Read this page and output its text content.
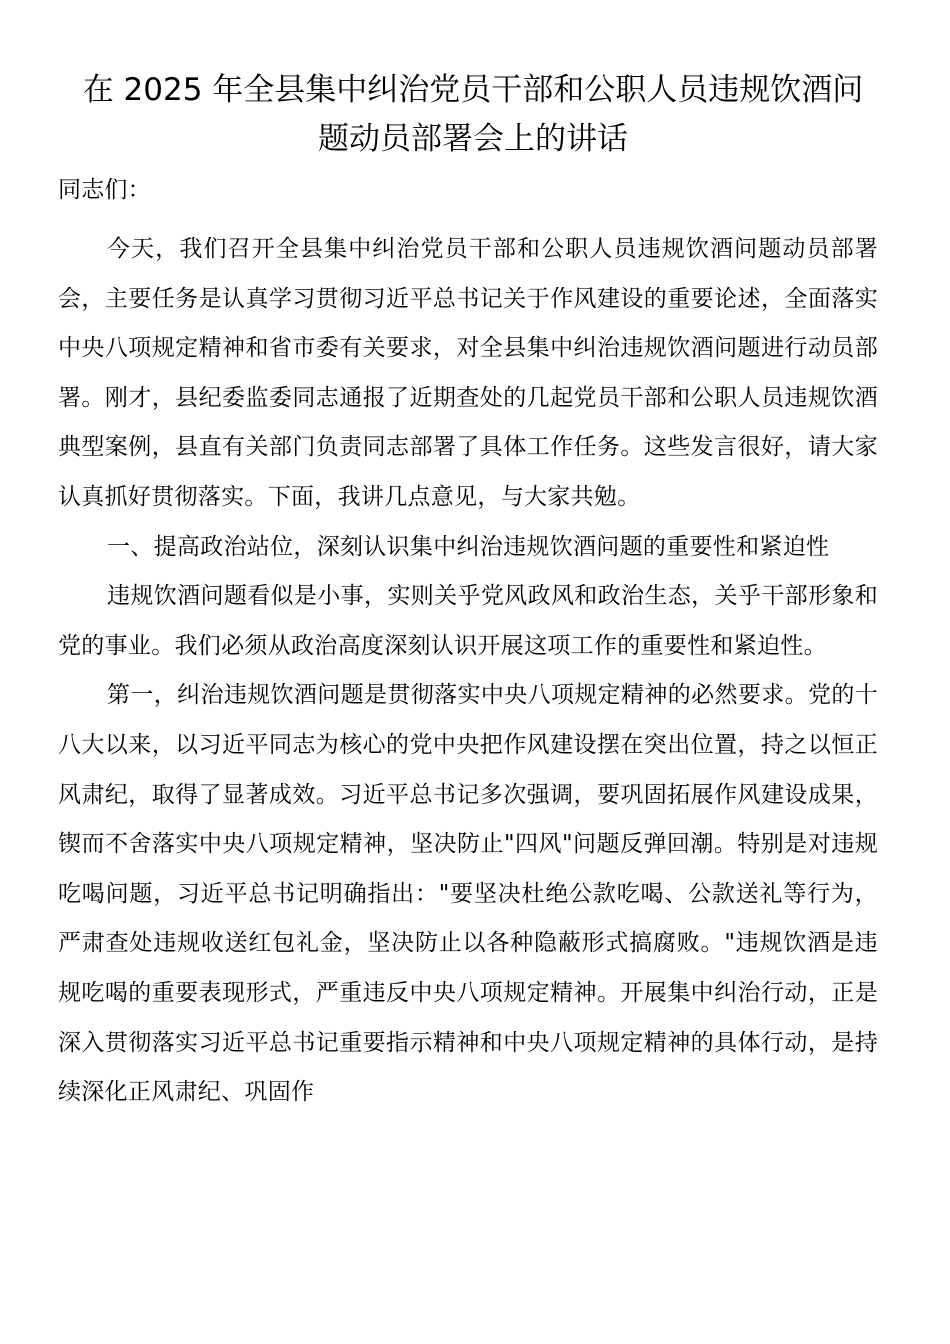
在 2025 年全县集中纠治党员干部和公职人员违规饮酒问题动员部署会上的讲话

同志们：

今天，我们召开全县集中纠治党员干部和公职人员违规饮酒问题动员部署会，主要任务是认真学习贯彻习近平总书记关于作风建设的重要论述，全面落实中央八项规定精神和省市委有关要求，对全县集中纠治违规饮酒问题进行动员部署。刚才，县纪委监委同志通报了近期查处的几起党员干部和公职人员违规饮酒典型案例，县直有关部门负责同志部署了具体工作任务。这些发言很好，请大家认真抓好贯彻落实。下面，我讲几点意见，与大家共勉。

一、提高政治站位，深刻认识集中纠治违规饮酒问题的重要性和紧迫性

违规饮酒问题看似是小事，实则关乎党风政风和政治生态，关乎干部形象和党的事业。我们必须从政治高度深刻认识开展这项工作的重要性和紧迫性。

第一，纠治违规饮酒问题是贯彻落实中央八项规定精神的必然要求。党的十八大以来，以习近平同志为核心的党中央把作风建设摆在突出位置，持之以恒正风肃纪，取得了显著成效。习近平总书记多次强调，要巩固拓展作风建设成果，锲而不舍落实中央八项规定精神，坚决防止"四风"问题反弹回潮。特别是对违规吃喝问题，习近平总书记明确指出："要坚决杜绝公款吃喝、公款送礼等行为，严肃查处违规收送红包礼金，坚决防止以各种隐蔽形式搞腐败。"违规饮酒是违规吃喝的重要表现形式，严重违反中央八项规定精神。开展集中纠治行动，正是深入贯彻落实习近平总书记重要指示精神和中央八项规定精神的具体行动，是持续深化正风肃纪、巩固作
